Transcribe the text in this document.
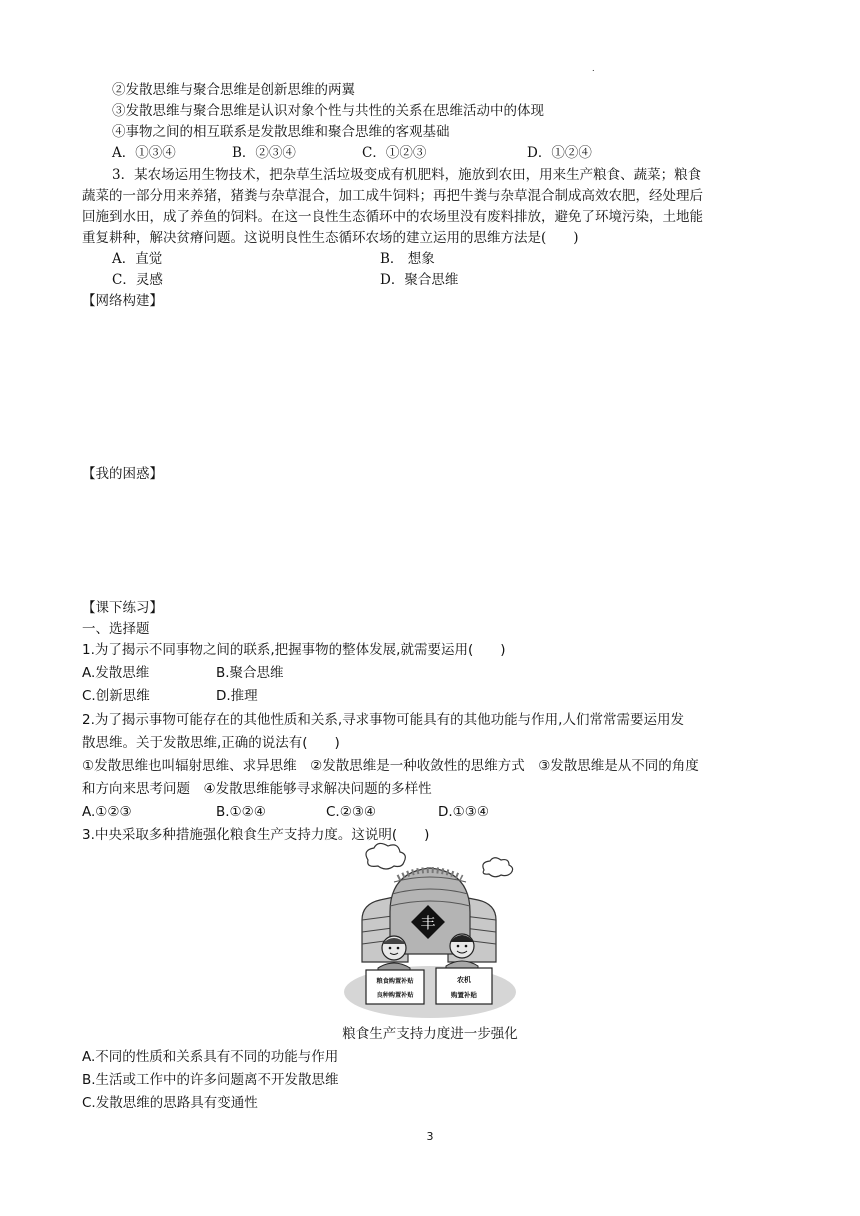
.
②发散思维与聚合思维是创新思维的两翼
③发散思维与聚合思维是认识对象个性与共性的关系在思维活动中的体现
④事物之间的相互联系是发散思维和聚合思维的客观基础
A．①③④	B．②③④	C．①②③	D．①②④
3．某农场运用生物技术，把杂草生活垃圾变成有机肥料，施放到农田，用来生产粮食、蔬菜；粮食
蔬菜的一部分用来养猪，猪粪与杂草混合，加工成牛饲料；再把牛粪与杂草混合制成高效农肥，经处理后
回施到水田，成了养鱼的饲料。在这一良性生态循环中的农场里没有废料排放，避免了环境污染，土地能
重复耕种，解决贫瘠问题。这说明良性生态循环农场的建立运用的思维方法是(　　)
A．直觉	B． 想象
C．灵感	D．聚合思维
【网络构建】
【我的困惑】
【课下练习】
一、选择题
1.为了揭示不同事物之间的联系,把握事物的整体发展,就需要运用(　　)
A.发散思维	B.聚合思维
C.创新思维	D.推理
2.为了揭示事物可能存在的其他性质和关系,寻求事物可能具有的其他功能与作用,人们常常需要运用发
散思维。关于发散思维,正确的说法有(　　)
①发散思维也叫辐射思维、求异思维　②发散思维是一种收敛性的思维方式　③发散思维是从不同的角度
和方向来思考问题　④发散思维能够寻求解决问题的多样性
A.①②③	B.①②④	C.②③④	D.①③④
3.中央采取多种措施强化粮食生产支持力度。这说明(　　)
丰
粮食购置补贴
良种购置补贴
农机
购置补贴
粮食生产支持力度进一步强化
A.不同的性质和关系具有不同的功能与作用
B.生活或工作中的许多问题离不开发散思维
C.发散思维的思路具有变通性
3
